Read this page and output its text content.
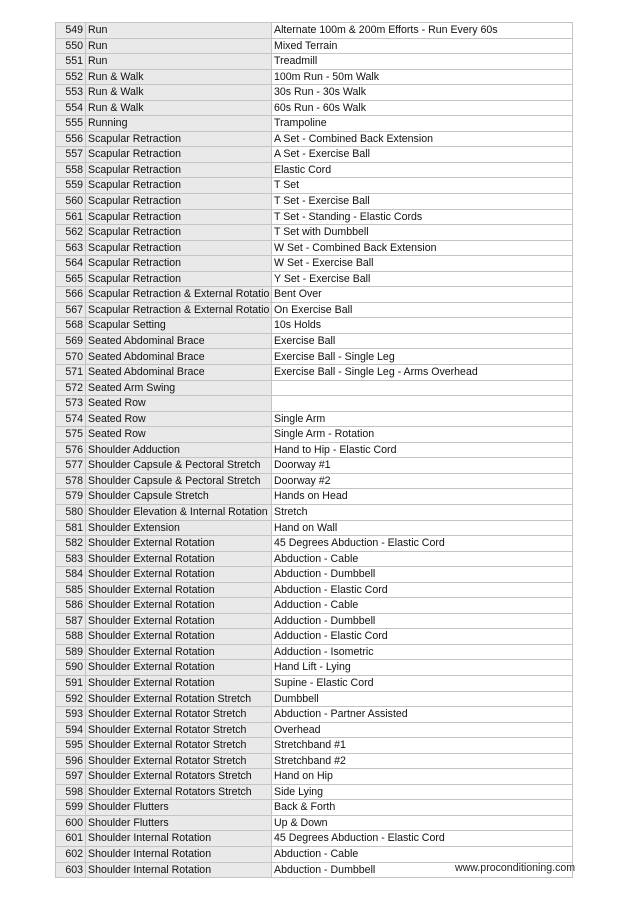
549	Run	Alternate 100m & 200m Efforts - Run Every 60s
550	Run	Mixed Terrain
551	Run	Treadmill
552	Run & Walk	100m Run - 50m Walk
553	Run & Walk	30s Run - 30s Walk
554	Run & Walk	60s Run - 60s Walk
555	Running	Trampoline
556	Scapular Retraction	A Set - Combined Back Extension
557	Scapular Retraction	A Set - Exercise Ball
558	Scapular Retraction	Elastic Cord
559	Scapular Retraction	T Set
560	Scapular Retraction	T Set - Exercise Ball
561	Scapular Retraction	T Set - Standing - Elastic Cords
562	Scapular Retraction	T Set with Dumbbell
563	Scapular Retraction	W Set - Combined Back Extension
564	Scapular Retraction	W Set - Exercise Ball
565	Scapular Retraction	Y Set - Exercise Ball
566	Scapular Retraction & External Rotatio	Bent Over
567	Scapular Retraction & External Rotatio	On Exercise Ball
568	Scapular Setting	10s Holds
569	Seated Abdominal Brace	Exercise Ball
570	Seated Abdominal Brace	Exercise Ball - Single Leg
571	Seated Abdominal Brace	Exercise Ball - Single Leg - Arms Overhead
572	Seated Arm Swing	
573	Seated Row	
574	Seated Row	Single Arm
575	Seated Row	Single Arm - Rotation
576	Shoulder Adduction	Hand to Hip - Elastic Cord
577	Shoulder Capsule & Pectoral Stretch	Doorway #1
578	Shoulder Capsule & Pectoral Stretch	Doorway #2
579	Shoulder Capsule Stretch	Hands on Head
580	Shoulder Elevation & Internal Rotation	Stretch
581	Shoulder Extension	Hand on Wall
582	Shoulder External Rotation	45 Degrees Abduction - Elastic Cord
583	Shoulder External Rotation	Abduction - Cable
584	Shoulder External Rotation	Abduction - Dumbbell
585	Shoulder External Rotation	Abduction - Elastic Cord
586	Shoulder External Rotation	Adduction - Cable
587	Shoulder External Rotation	Adduction - Dumbbell
588	Shoulder External Rotation	Adduction - Elastic Cord
589	Shoulder External Rotation	Adduction - Isometric
590	Shoulder External Rotation	Hand Lift - Lying
591	Shoulder External Rotation	Supine - Elastic Cord
592	Shoulder External Rotation Stretch	Dumbbell
593	Shoulder External Rotator Stretch	Abduction - Partner Assisted
594	Shoulder External Rotator Stretch	Overhead
595	Shoulder External Rotator Stretch	Stretchband #1
596	Shoulder External Rotator Stretch	Stretchband #2
597	Shoulder External Rotators Stretch	Hand on Hip
598	Shoulder External Rotators Stretch	Side Lying
599	Shoulder Flutters	Back & Forth
600	Shoulder Flutters	Up & Down
601	Shoulder Internal Rotation	45 Degrees Abduction - Elastic Cord
602	Shoulder Internal Rotation	Abduction - Cable
603	Shoulder Internal Rotation	Abduction - Dumbbell	www.proconditioning.com
